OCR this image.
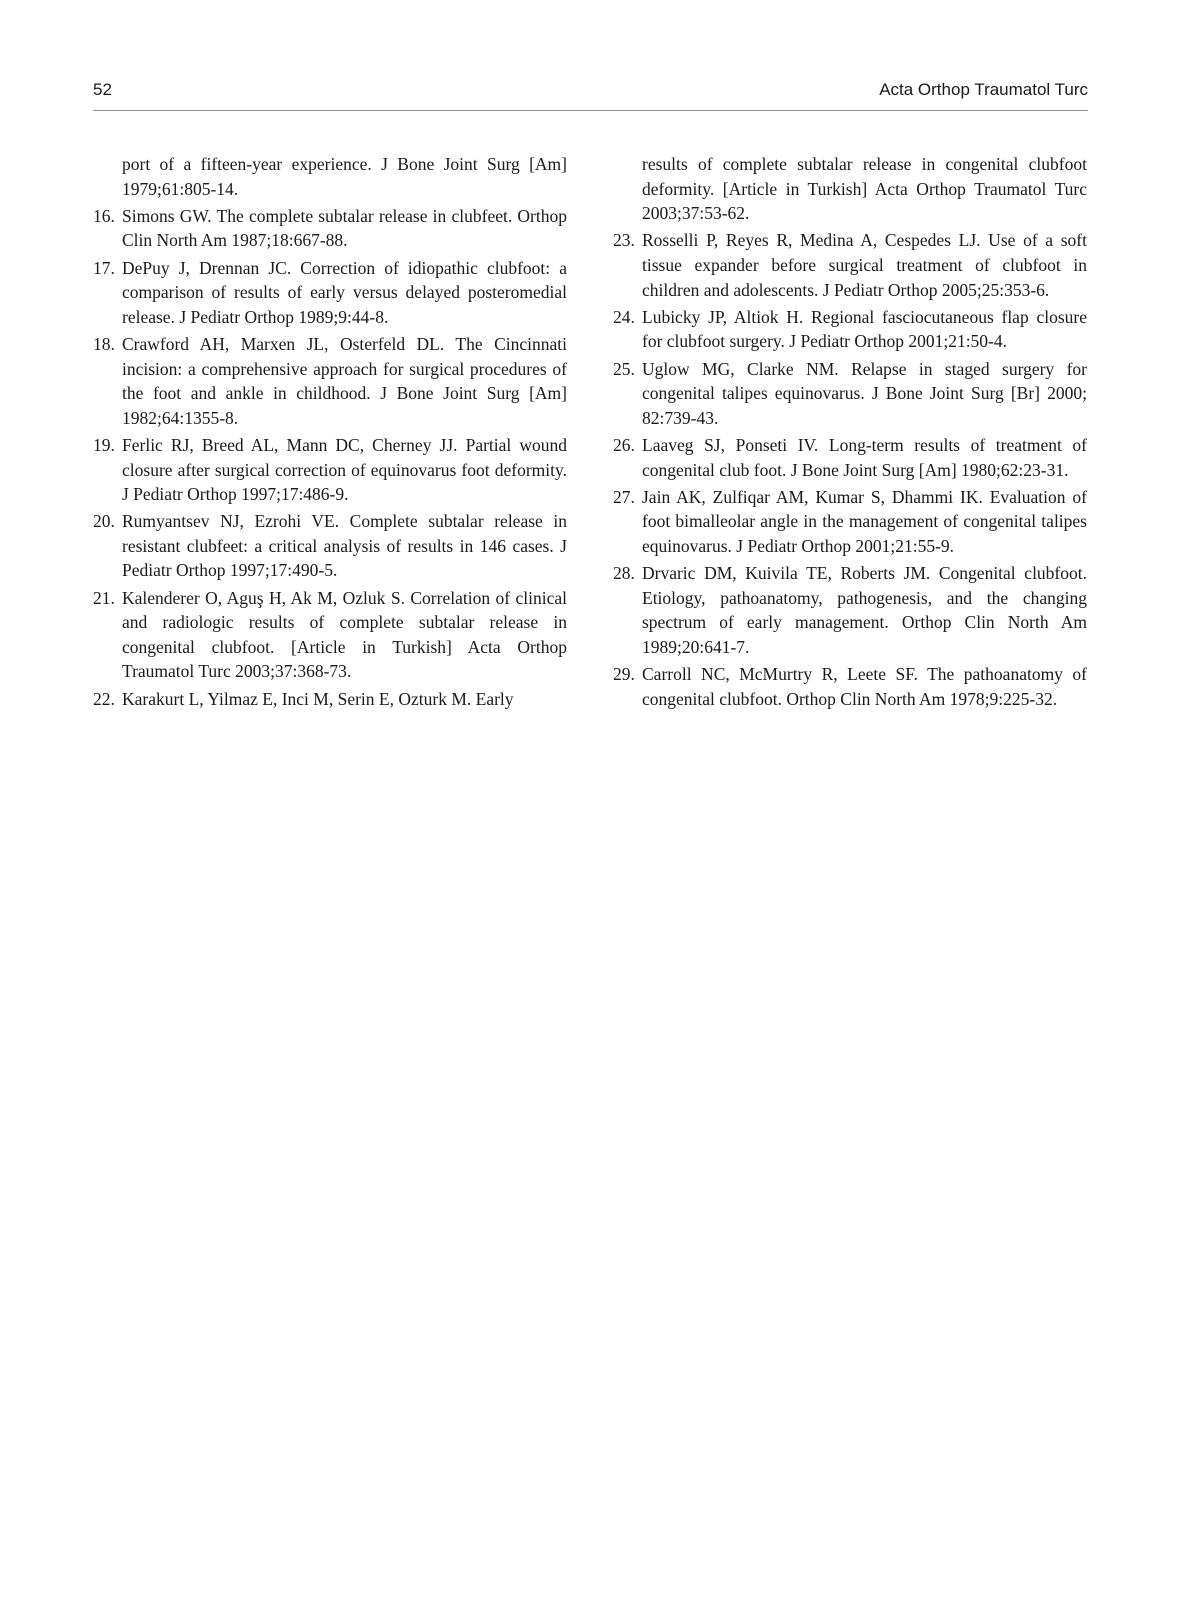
52	Acta Orthop Traumatol Turc
port of a fifteen-year experience. J Bone Joint Surg [Am] 1979;61:805-14.
16. Simons GW. The complete subtalar release in clubfeet. Orthop Clin North Am 1987;18:667-88.
17. DePuy J, Drennan JC. Correction of idiopathic clubfoot: a comparison of results of early versus delayed posteromedial release. J Pediatr Orthop 1989;9:44-8.
18. Crawford AH, Marxen JL, Osterfeld DL. The Cincinnati incision: a comprehensive approach for surgical procedures of the foot and ankle in childhood. J Bone Joint Surg [Am] 1982;64:1355-8.
19. Ferlic RJ, Breed AL, Mann DC, Cherney JJ. Partial wound closure after surgical correction of equinovarus foot deformity. J Pediatr Orthop 1997;17:486-9.
20. Rumyantsev NJ, Ezrohi VE. Complete subtalar release in resistant clubfeet: a critical analysis of results in 146 cases. J Pediatr Orthop 1997;17:490-5.
21. Kalenderer O, Aguş H, Ak M, Ozluk S. Correlation of clinical and radiologic results of complete subtalar release in congenital clubfoot. [Article in Turkish] Acta Orthop Traumatol Turc 2003;37:368-73.
22. Karakurt L, Yilmaz E, Inci M, Serin E, Ozturk M. Early
results of complete subtalar release in congenital clubfoot deformity. [Article in Turkish] Acta Orthop Traumatol Turc 2003;37:53-62.
23. Rosselli P, Reyes R, Medina A, Cespedes LJ. Use of a soft tissue expander before surgical treatment of clubfoot in children and adolescents. J Pediatr Orthop 2005;25:353-6.
24. Lubicky JP, Altiok H. Regional fasciocutaneous flap closure for clubfoot surgery. J Pediatr Orthop 2001;21:50-4.
25. Uglow MG, Clarke NM. Relapse in staged surgery for congenital talipes equinovarus. J Bone Joint Surg [Br] 2000; 82:739-43.
26. Laaveg SJ, Ponseti IV. Long-term results of treatment of congenital club foot. J Bone Joint Surg [Am] 1980;62:23-31.
27. Jain AK, Zulfiqar AM, Kumar S, Dhammi IK. Evaluation of foot bimalleolar angle in the management of congenital talipes equinovarus. J Pediatr Orthop 2001;21:55-9.
28. Drvaric DM, Kuivila TE, Roberts JM. Congenital clubfoot. Etiology, pathoanatomy, pathogenesis, and the changing spectrum of early management. Orthop Clin North Am 1989;20:641-7.
29. Carroll NC, McMurtry R, Leete SF. The pathoanatomy of congenital clubfoot. Orthop Clin North Am 1978;9:225-32.
